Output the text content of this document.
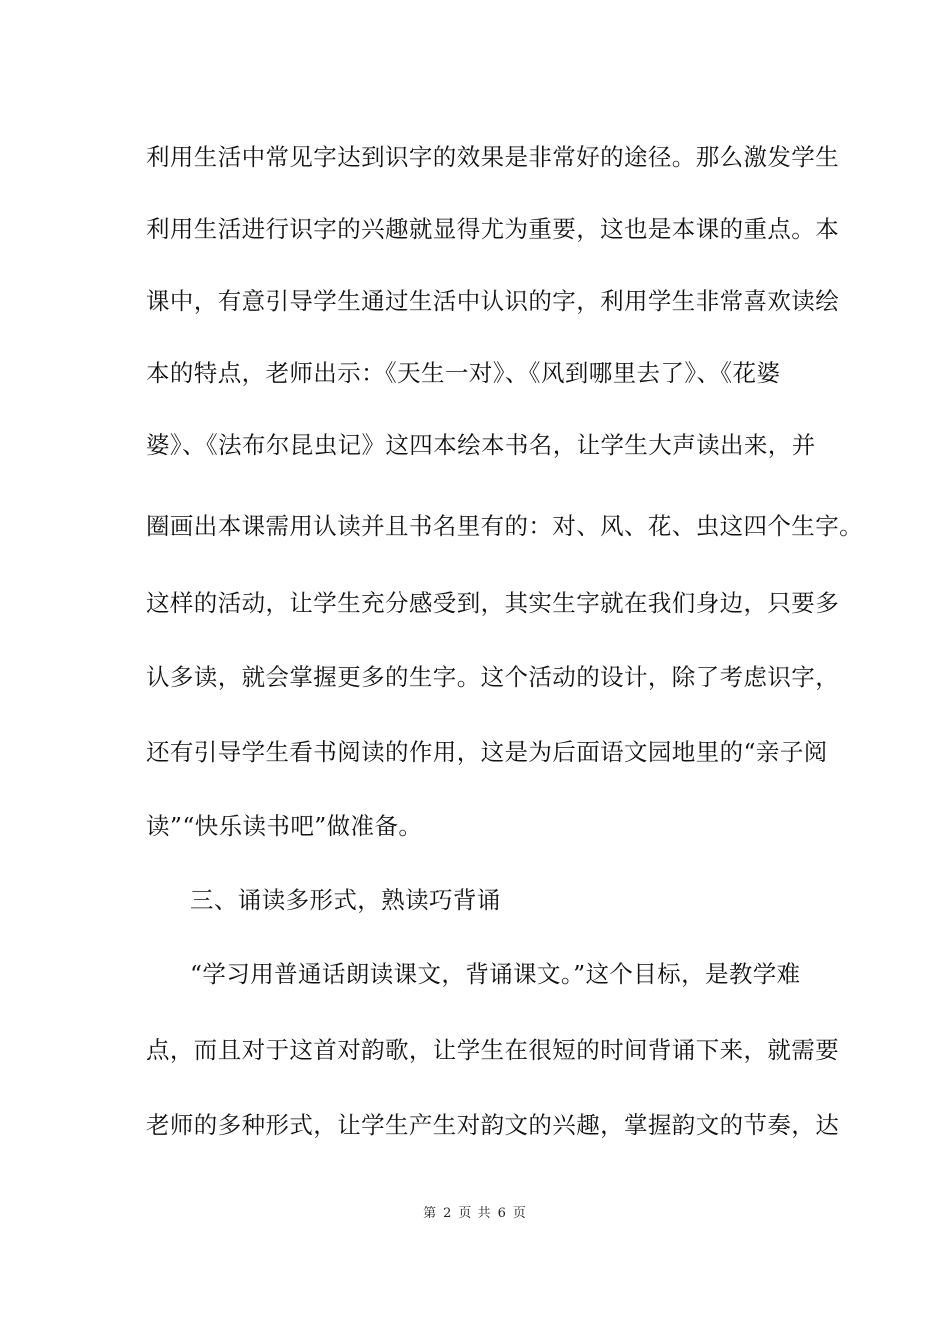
利用生活中常见字达到识字的效果是非常好的途径。那么激发学生
利用生活进行识字的兴趣就显得尤为重要，这也是本课的重点。本
课中，有意引导学生通过生活中认识的字，利用学生非常喜欢读绘
本的特点，老师出示：《天生一对》、《风到哪里去了》、《花婆
婆》、《法布尔昆虫记》这四本绘本书名，让学生大声读出来，并
圈画出本课需用认读并且书名里有的：对、风、花、虫这四个生字。
这样的活动，让学生充分感受到，其实生字就在我们身边，只要多
认多读，就会掌握更多的生字。这个活动的设计，除了考虑识字，
还有引导学生看书阅读的作用，这是为后面语文园地里的“亲子阅
读”“快乐读书吧”做准备。
三、诵读多形式，熟读巧背诵
“学习用普通话朗读课文，背诵课文。”这个目标，是教学难
点，而且对于这首对韵歌，让学生在很短的时间背诵下来，就需要
老师的多种形式，让学生产生对韵文的兴趣，掌握韵文的节奏，达
第 2 页 共 6 页
